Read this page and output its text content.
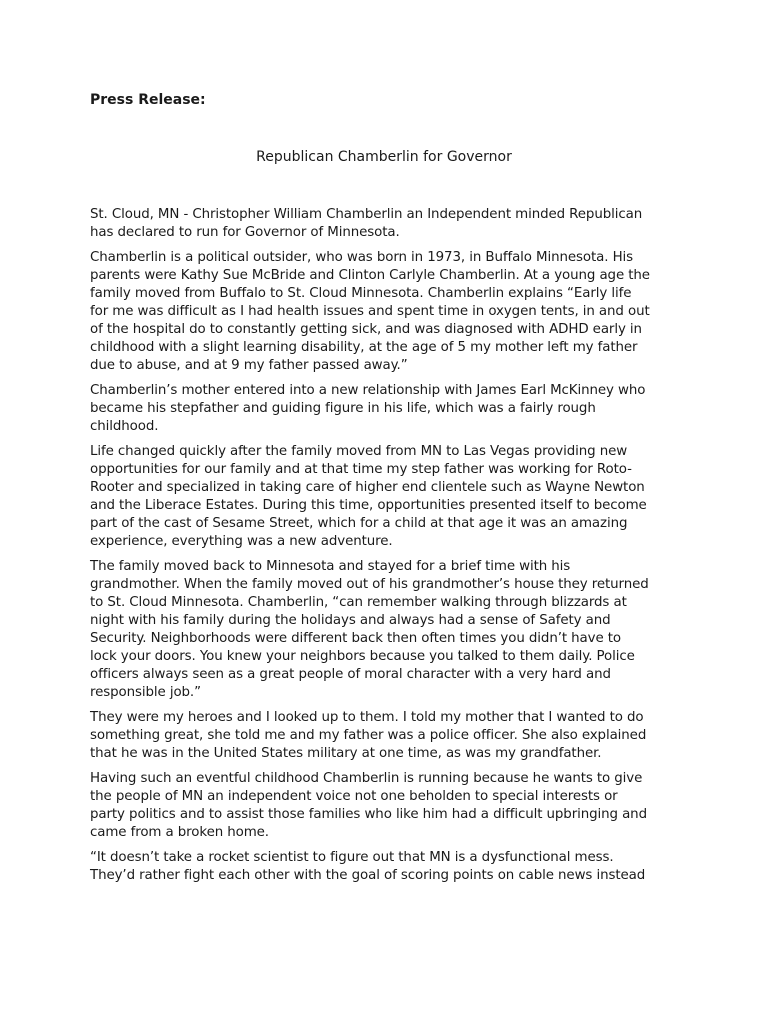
Press Release:

Republican Chamberlin for Governor

St. Cloud, MN - Christopher William Chamberlin an Independent minded Republican
has declared to run for Governor of Minnesota.

Chamberlin is a political outsider, who was born in 1973, in Buffalo Minnesota. His
parents were Kathy Sue McBride and Clinton Carlyle Chamberlin. At a young age the
family moved from Buffalo to St. Cloud Minnesota. Chamberlin explains “Early life
for me was difficult as I had health issues and spent time in oxygen tents, in and out
of the hospital do to constantly getting sick, and was diagnosed with ADHD early in
childhood with a slight learning disability, at the age of 5 my mother left my father
due to abuse, and at 9 my father passed away.”

Chamberlin’s mother entered into a new relationship with James Earl McKinney who
became his stepfather and guiding figure in his life, which was a fairly rough
childhood.

Life changed quickly after the family moved from MN to Las Vegas providing new
opportunities for our family and at that time my step father was working for Roto-
Rooter and specialized in taking care of higher end clientele such as Wayne Newton
and the Liberace Estates. During this time, opportunities presented itself to become
part of the cast of Sesame Street, which for a child at that age it was an amazing
experience, everything was a new adventure.

The family moved back to Minnesota and stayed for a brief time with his
grandmother. When the family moved out of his grandmother’s house they returned
to St. Cloud Minnesota. Chamberlin, “can remember walking through blizzards at
night with his family during the holidays and always had a sense of Safety and
Security. Neighborhoods were different back then often times you didn’t have to
lock your doors. You knew your neighbors because you talked to them daily. Police
officers always seen as a great people of moral character with a very hard and
responsible job.”

They were my heroes and I looked up to them. I told my mother that I wanted to do
something great, she told me and my father was a police officer. She also explained
that he was in the United States military at one time, as was my grandfather.

Having such an eventful childhood Chamberlin is running because he wants to give
the people of MN an independent voice not one beholden to special interests or
party politics and to assist those families who like him had a difficult upbringing and
came from a broken home.

“It doesn’t take a rocket scientist to figure out that MN is a dysfunctional mess.
They’d rather fight each other with the goal of scoring points on cable news instead
